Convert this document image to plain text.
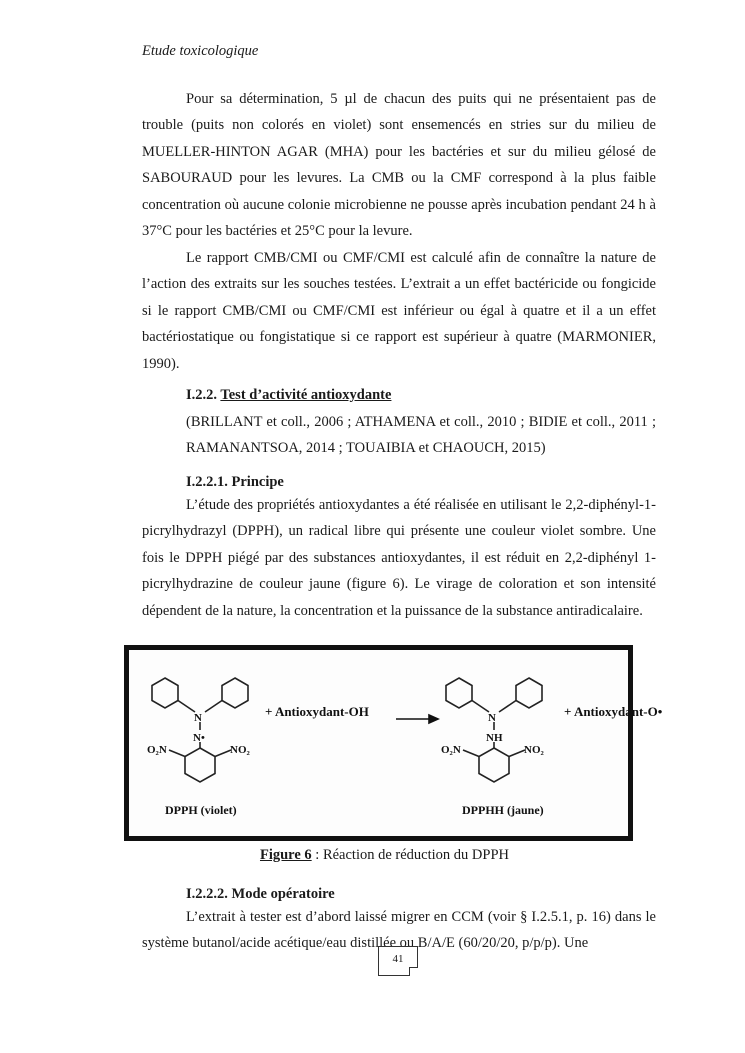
Etude toxicologique

Pour sa détermination, 5 µl de chacun des puits qui ne présentaient pas de trouble (puits non colorés en violet) sont ensemencés en stries sur du milieu de MUELLER-HINTON AGAR (MHA) pour les bactéries et sur du milieu gélosé de SABOURAUD pour les levures. La CMB ou la CMF correspond à la plus faible concentration où aucune colonie microbienne ne pousse après incubation pendant 24 h à 37°C pour les bactéries et 25°C pour la levure.

Le rapport CMB/CMI ou CMF/CMI est calculé afin de connaître la nature de l’action des extraits sur les souches testées. L’extrait a un effet bactéricide ou fongicide si le rapport CMB/CMI ou CMF/CMI est inférieur ou égal à quatre et il a un effet bactériostatique ou fongistatique si ce rapport est supérieur à quatre (MARMONIER, 1990).

I.2.2. Test d’activité antioxydante

(BRILLANT et coll., 2006 ; ATHAMENA et coll., 2010 ; BIDIE et coll., 2011 ; RAMANANTSOA, 2014 ; TOUAIBIA et CHAOUCH, 2015)

I.2.2.1. Principe

L’étude des propriétés antioxydantes a été réalisée en utilisant le 2,2-diphényl-1-picrylhydrazyl (DPPH), un radical libre qui présente une couleur violet sombre. Une fois le DPPH piégé par des substances antioxydantes, il est réduit en 2,2-diphényl 1-picrylhydrazine de couleur jaune (figure 6). Le virage de coloration et son intensité dépendent de la nature, la concentration et la puissance de la substance antiradicalaire.

N
N•
O₂N	NO₂
DPPH (violet)
+ Antioxydant-OH	N
NH
O₂N	NO₂
DPPHH (jaune)
+ Antioxydant-O•
Figure 6 : Réaction de réduction du DPPH
I.2.2.2. Mode opératoire

L’extrait à tester est d’abord laissé migrer en CCM (voir § I.2.5.1, p. 16) dans le système butanol/acide acétique/eau distillée ou B/A/E (60/20/20, p/p/p). Une

41
